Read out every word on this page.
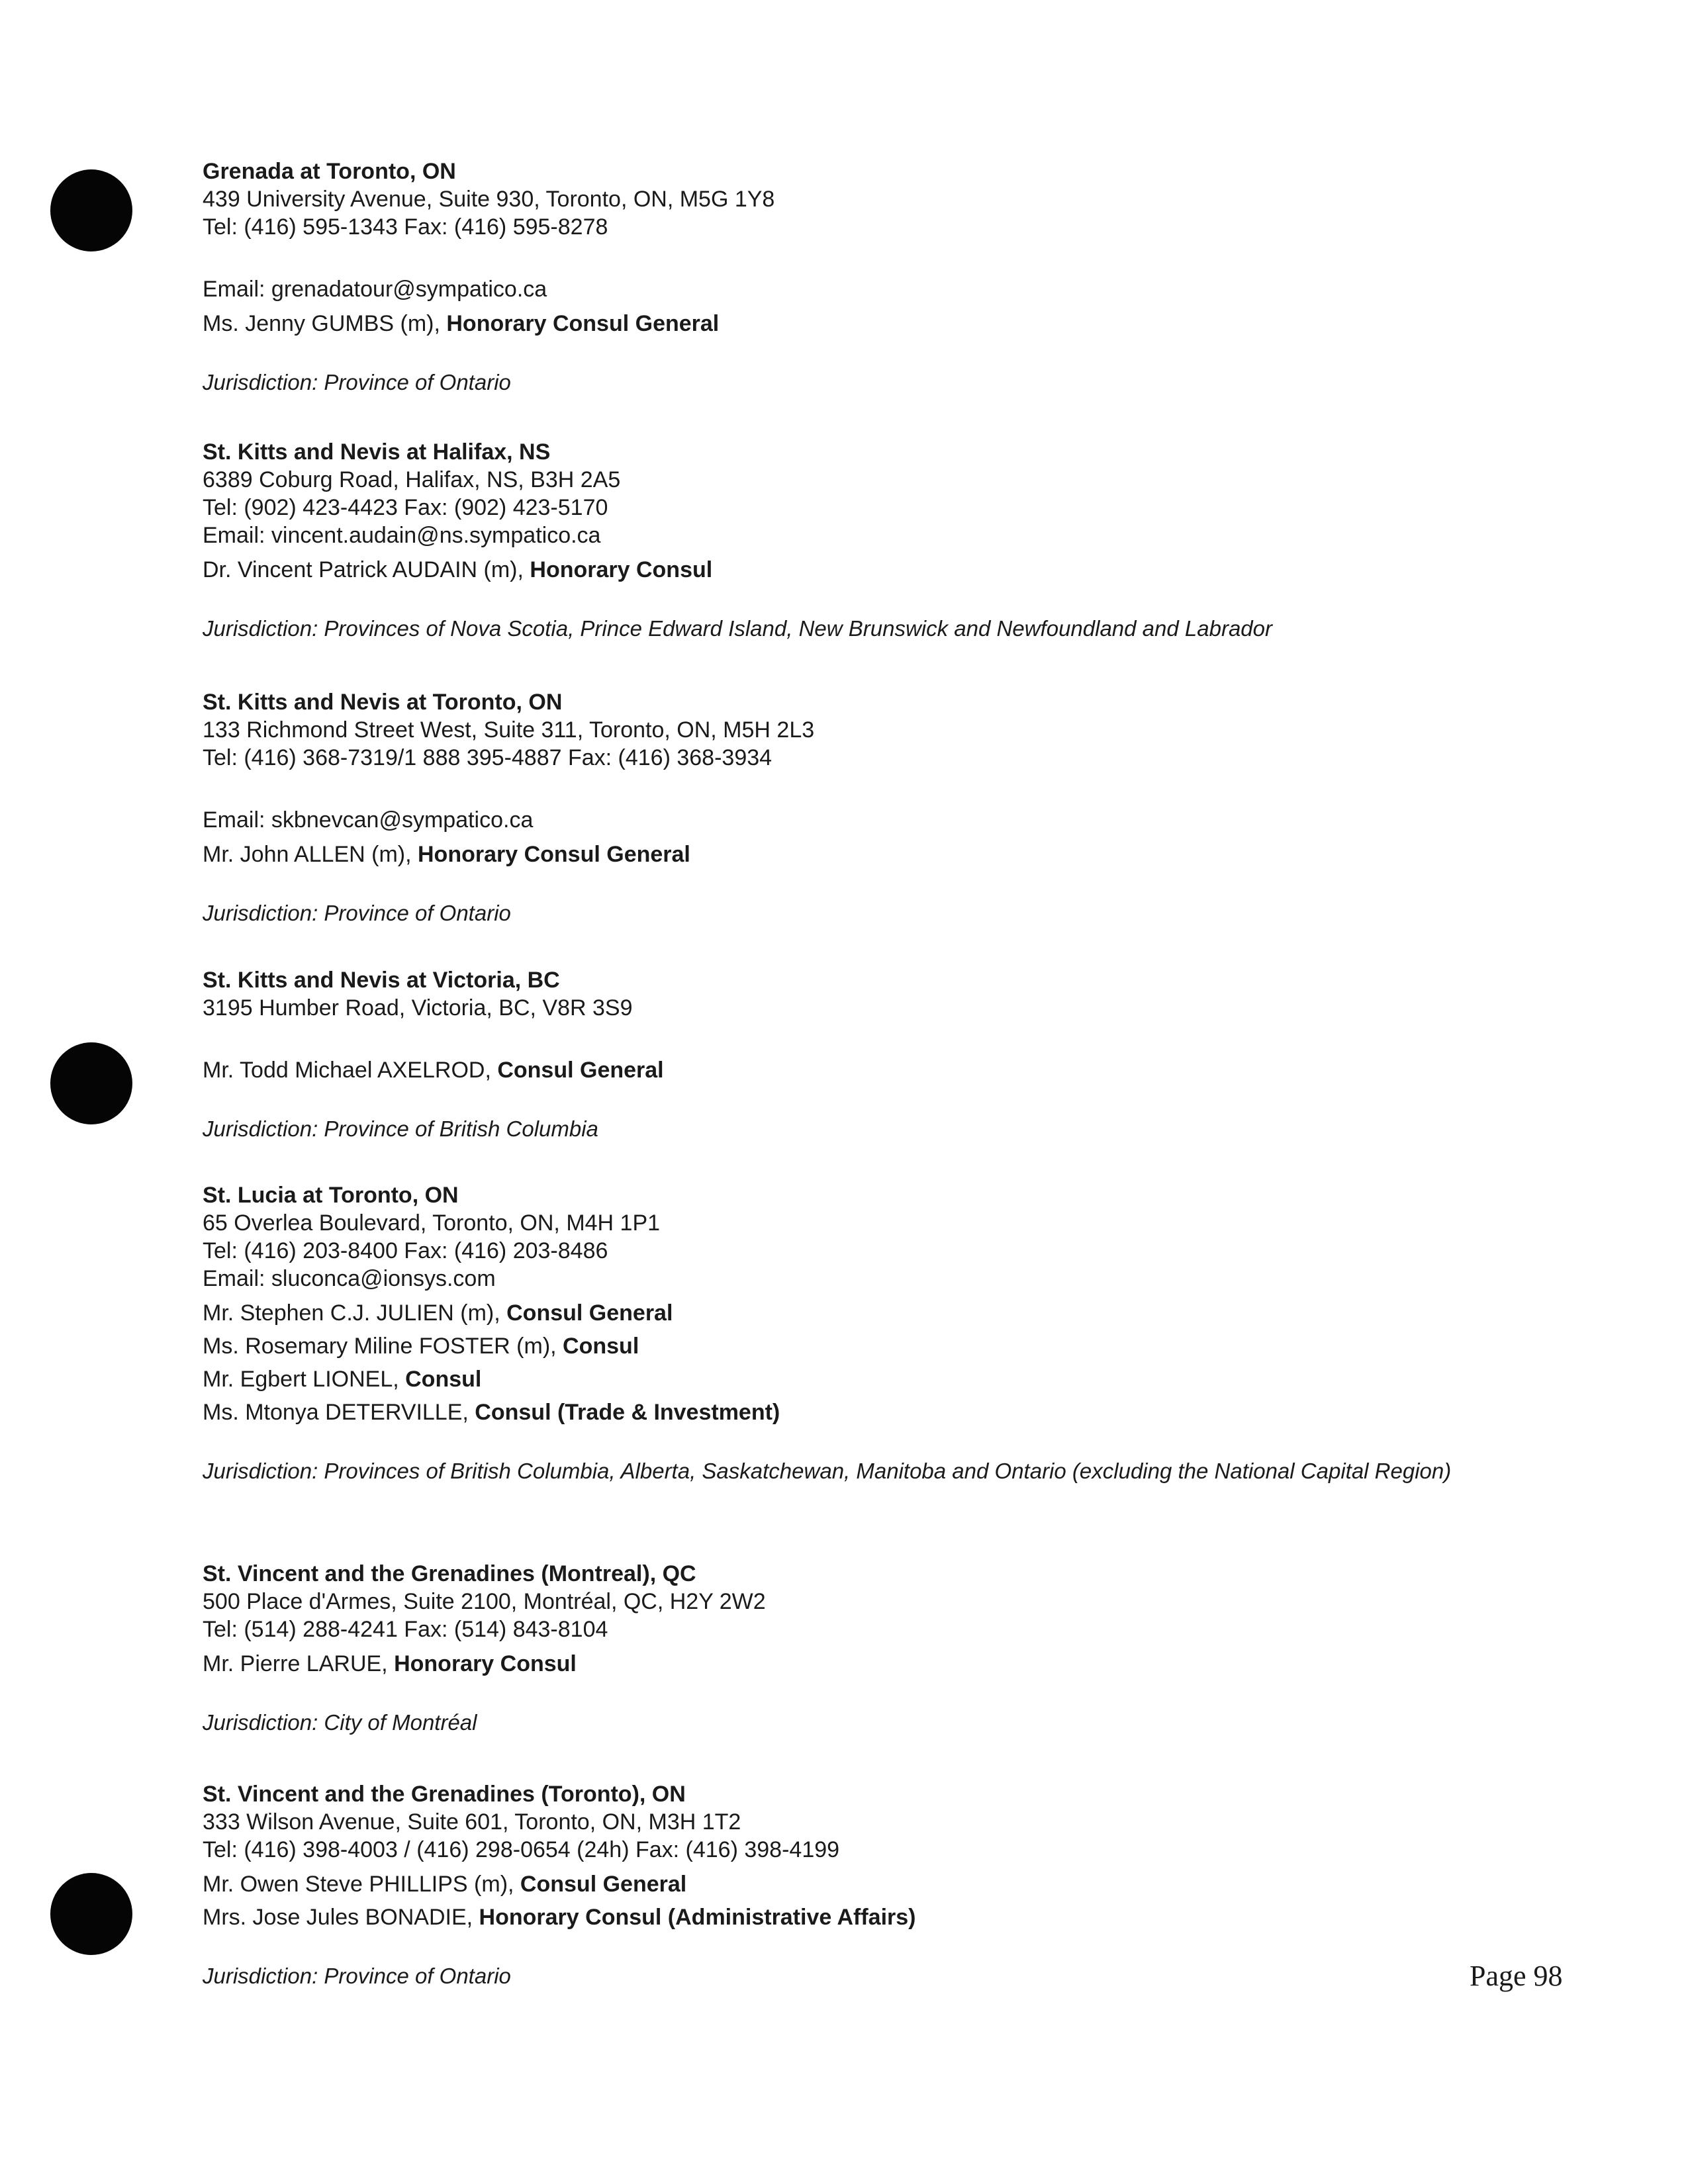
Grenada at Toronto, ON
439 University Avenue, Suite 930, Toronto, ON, M5G 1Y8
Tel: (416) 595-1343 Fax: (416) 595-8278
Email: grenadatour@sympatico.ca
Ms. Jenny GUMBS (m), Honorary Consul General
Jurisdiction: Province of Ontario
St. Kitts and Nevis at Halifax, NS
6389 Coburg Road, Halifax, NS, B3H 2A5
Tel: (902) 423-4423 Fax: (902) 423-5170
Email: vincent.audain@ns.sympatico.ca
Dr. Vincent Patrick AUDAIN (m), Honorary Consul
Jurisdiction: Provinces of Nova Scotia, Prince Edward Island, New Brunswick and Newfoundland and Labrador
St. Kitts and Nevis at Toronto, ON
133 Richmond Street West, Suite 311, Toronto, ON, M5H 2L3
Tel: (416) 368-7319/1 888 395-4887 Fax: (416) 368-3934
Email: skbnevcan@sympatico.ca
Mr. John ALLEN (m), Honorary Consul General
Jurisdiction: Province of Ontario
St. Kitts and Nevis at Victoria, BC
3195 Humber Road, Victoria, BC, V8R 3S9
Mr. Todd Michael AXELROD, Consul General
Jurisdiction: Province of British Columbia
St. Lucia at Toronto, ON
65 Overlea Boulevard, Toronto, ON, M4H 1P1
Tel: (416) 203-8400 Fax: (416) 203-8486
Email: sluconca@ionsys.com
Mr. Stephen C.J. JULIEN (m), Consul General
Ms. Rosemary Miline FOSTER (m), Consul
Mr. Egbert LIONEL, Consul
Ms. Mtonya DETERVILLE, Consul (Trade & Investment)
Jurisdiction: Provinces of British Columbia, Alberta, Saskatchewan, Manitoba and Ontario (excluding the National Capital Region)
St. Vincent and the Grenadines (Montreal), QC
500 Place d'Armes, Suite 2100, Montréal, QC, H2Y 2W2
Tel: (514) 288-4241 Fax: (514) 843-8104
Mr. Pierre LARUE, Honorary Consul
Jurisdiction: City of Montréal
St. Vincent and the Grenadines (Toronto), ON
333 Wilson Avenue, Suite 601, Toronto, ON, M3H 1T2
Tel: (416) 398-4003 / (416) 298-0654 (24h) Fax: (416) 398-4199
Mr. Owen Steve PHILLIPS (m), Consul General
Mrs. Jose Jules BONADIE, Honorary Consul (Administrative Affairs)
Jurisdiction: Province of Ontario	Page 98
